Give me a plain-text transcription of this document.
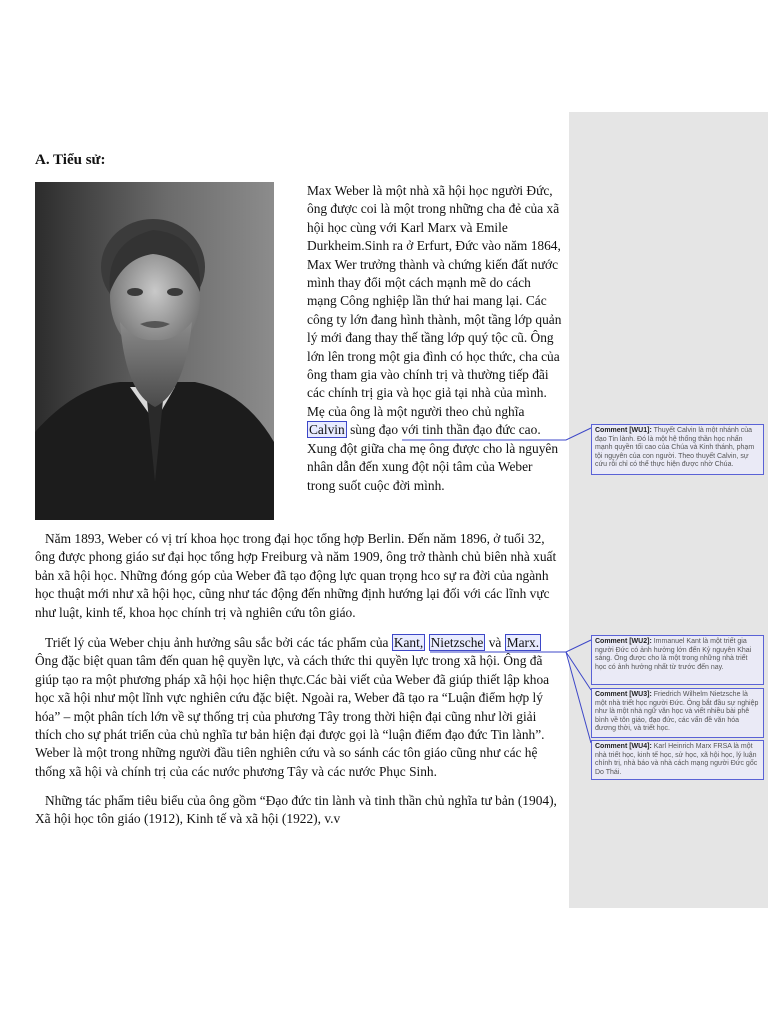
A. Tiểu sử:

Max Weber là một nhà xã hội học người Đức, ông được coi là một trong những cha đẻ của xã hội học cùng với Karl Marx và Emile Durkheim.Sinh ra ở Erfurt, Đức vào năm 1864, Max Wer trưởng thành và chứng kiến đất nước mình thay đổi một cách mạnh mẽ do cách mạng Công nghiệp lần thứ hai mang lại. Các công ty lớn đang hình thành, một tầng lớp quản lý mới đang thay thế tầng lớp quý tộc cũ. Ông lớn lên trong một gia đình có học thức, cha của ông tham gia vào chính trị và thường tiếp đãi các chính trị gia và học giả tại nhà của mình. Mẹ của ông là một người theo chủ nghĩa Calvin sùng đạo với tinh thần đạo đức cao. Xung đột giữa cha mẹ ông được cho là nguyên nhân dẫn đến xung đột nội tâm của Weber trong suốt cuộc đời mình.

Năm 1893, Weber có vị trí khoa học trong đại học tổng hợp Berlin. Đến năm 1896, ở tuổi 32, ông được phong giáo sư đại học tổng hợp Freiburg và năm 1909, ông trở thành chủ biên nhà xuất bản xã hội học. Những đóng góp của Weber đã tạo động lực quan trọng hco sự ra đời của ngành học thuật mới như xã hội học, cũng như tác động đến những định hướng lại đối với các lĩnh vực như luật, kinh tế, khoa học chính trị và nghiên cứu tôn giáo.

Triết lý của Weber chịu ảnh hưởng sâu sắc bởi các tác phẩm của Kant, Nietzsche và Marx. Ông đặc biệt quan tâm đến quan hệ quyền lực, và cách thức thi quyền lực trong xã hội. Ông đã giúp tạo ra một phương pháp xã hội học hiện thực.Các bài viết của Weber đã giúp thiết lập khoa học xã hội như một lĩnh vực nghiên cứu đặc biệt. Ngoài ra, Weber đã tạo ra “Luận điểm hợp lý hóa” – một phân tích lớn về sự thống trị của phương Tây trong thời hiện đại cũng như lời giải thích cho sự phát triển của chủ nghĩa tư bản hiện đại được gọi là “luận điểm đạo đức Tin lành”. Weber là một trong những người đầu tiên nghiên cứu và so sánh các tôn giáo cũng như các hệ thống xã hội và chính trị của các nước phương Tây và các nước Phục Sinh.

Những tác phẩm tiêu biểu của ông gồm “Đạo đức tin lành và tinh thần chủ nghĩa tư bản (1904), Xã hội học tôn giáo (1912), Kinh tế và xã hội (1922), v.v

Comment [WU1]: Thuyết Calvin là một nhánh của đạo Tin lành. Đó là một hệ thống thần học nhấn mạnh quyền tối cao của Chúa và Kinh thánh, phạm tội nguyên của con người. Theo thuyết Calvin, sự cứu rỗi chỉ có thể thực hiện được nhờ Chúa.
Comment [WU2]: Immanuel Kant là một triết gia người Đức có ảnh hưởng lớn đến Kỷ nguyên Khai sáng. Ông được cho là một trong những nhà triết học có ảnh hưởng nhất từ trước đến nay.
Comment [WU3]: Friedrich Wilhelm Nietzsche là một nhà triết học người Đức. Ông bắt đầu sự nghiệp như là một nhà ngữ văn học và viết nhiều bài phê bình về tôn giáo, đạo đức, các vấn đề văn hóa đương thời, và triết học.
Comment [WU4]: Karl Heinrich Marx FRSA là một nhà triết học, kinh tế học, sử học, xã hội học, lý luận chính trị, nhà báo và nhà cách mạng người Đức gốc Do Thái.
